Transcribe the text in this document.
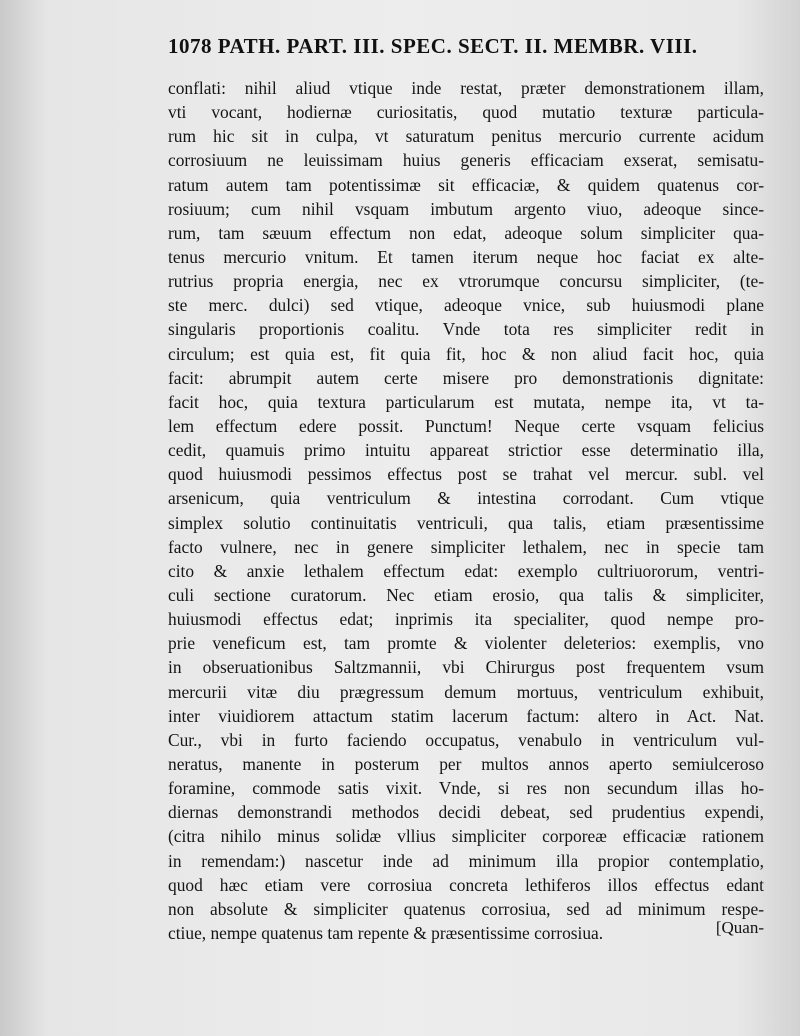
1078 PATH. PART. III. SPEC. SECT. II. MEMBR. VIII.
conflati: nihil aliud vtique inde restat, præter demonstrationem illam,
vti vocant, hodiernæ curiositatis, quod mutatio texturæ particula-
rum hic sit in culpa, vt saturatum penitus mercurio currente acidum
corrosiuum ne leuissimam huius generis efficaciam exserat, semisatu-
ratum autem tam potentissimæ sit efficaciæ, & quidem quatenus cor-
rosiuum; cum nihil vsquam imbutum argento viuo, adeoque since-
rum, tam sæuum effectum non edat, adeoque solum simpliciter qua-
tenus mercurio vnitum. Et tamen iterum neque hoc faciat ex alte-
rutrius propria energia, nec ex vtrorumque concursu simpliciter, (te-
ste merc. dulci) sed vtique, adeoque vnice, sub huiusmodi plane
singularis proportionis coalitu. Vnde tota res simpliciter redit in
circulum; est quia est, fit quia fit, hoc & non aliud facit hoc, quia
facit: abrumpit autem certe misere pro demonstrationis dignitate:
facit hoc, quia textura particularum est mutata, nempe ita, vt ta-
lem effectum edere possit. Punctum! Neque certe vsquam felicius
cedit, quamuis primo intuitu appareat strictior esse determinatio illa,
quod huiusmodi pessimos effectus post se trahat vel mercur. subl. vel
arsenicum, quia ventriculum & intestina corrodant. Cum vtique
simplex solutio continuitatis ventriculi, qua talis, etiam præsentissime
facto vulnere, nec in genere simpliciter lethalem, nec in specie tam
cito & anxie lethalem effectum edat: exemplo cultriuororum, ventri-
culi sectione curatorum. Nec etiam erosio, qua talis & simpliciter,
huiusmodi effectus edat; inprimis ita specialiter, quod nempe pro-
prie veneficum est, tam promte & violenter deleterios: exemplis, vno
in obseruationibus Saltzmannii, vbi Chirurgus post frequentem vsum
mercurii vitæ diu prægressum demum mortuus, ventriculum exhibuit,
inter viuidiorem attactum statim lacerum factum: altero in Act. Nat.
Cur., vbi in furto faciendo occupatus, venabulo in ventriculum vul-
neratus, manente in posterum per multos annos aperto semiulceroso
foramine, commode satis vixit. Vnde, si res non secundum illas ho-
diernas demonstrandi methodos decidi debeat, sed prudentius expendi,
(citra nihilo minus solidæ vllius simpliciter corporeæ efficaciæ rationem
in remendam:) nascetur inde ad minimum illa propior contemplatio,
quod hæc etiam vere corrosiua concreta lethiferos illos effectus edant
non absolute & simpliciter quatenus corrosiua, sed ad minimum respe-
ctiue, nempe quatenus tam repente & præsentissime corrosiua.	[Quan-
